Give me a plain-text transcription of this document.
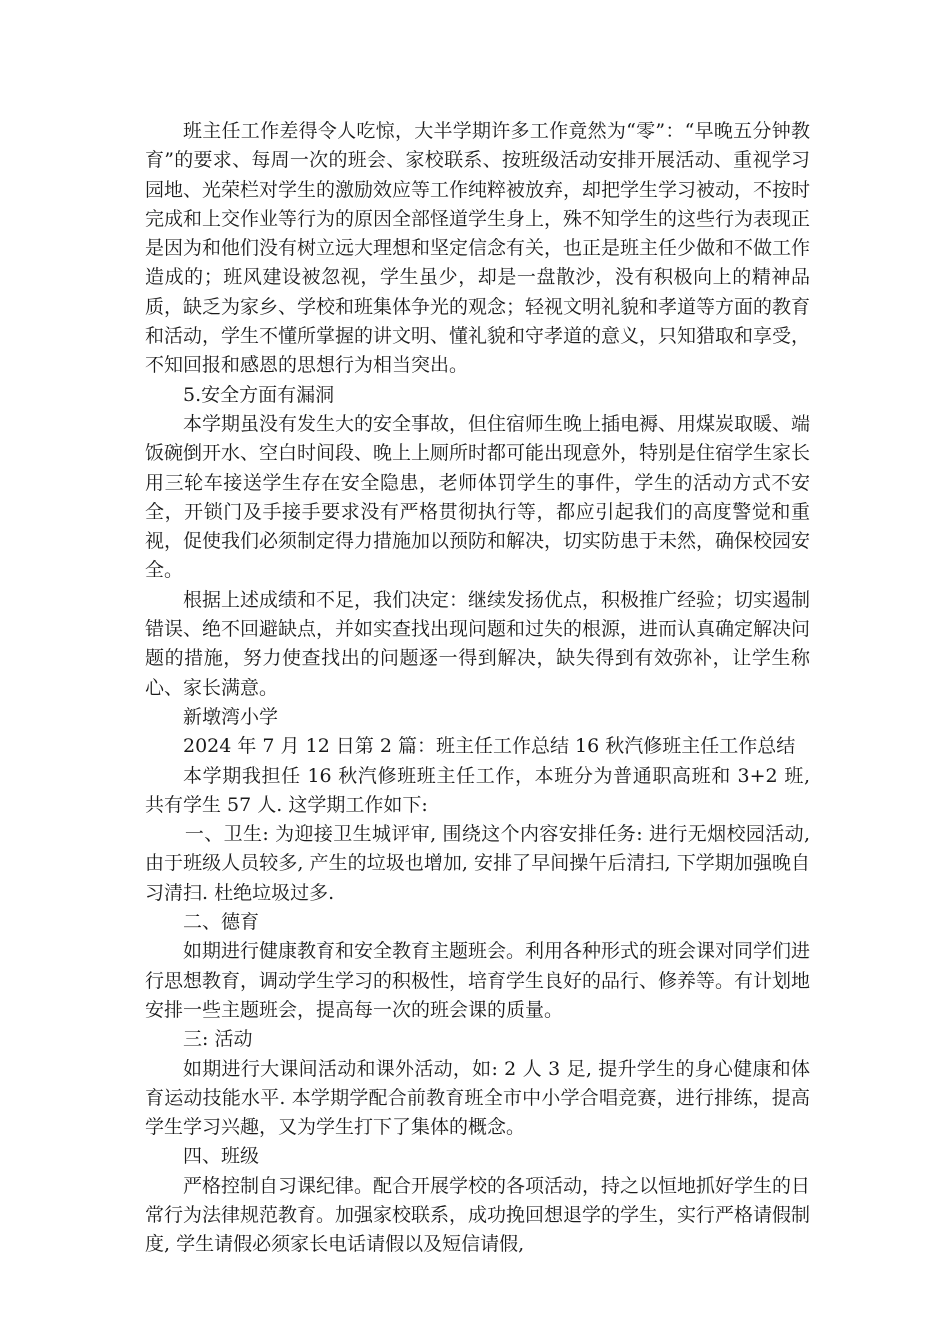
班主任工作差得令人吃惊，大半学期许多工作竟然为“零”：“早晚五分钟教育”的要求、每周一次的班会、家校联系、按班级活动安排开展活动、重视学习园地、光荣栏对学生的激励效应等工作纯粹被放弃，却把学生学习被动，不按时完成和上交作业等行为的原因全部怪道学生身上，殊不知学生的这些行为表现正是因为和他们没有树立远大理想和坚定信念有关，也正是班主任少做和不做工作造成的；班风建设被忽视，学生虽少，却是一盘散沙，没有积极向上的精神品质，缺乏为家乡、学校和班集体争光的观念；轻视文明礼貌和孝道等方面的教育和活动，学生不懂所掌握的讲文明、懂礼貌和守孝道的意义，只知猎取和享受，不知回报和感恩的思想行为相当突出。

5.安全方面有漏洞

本学期虽没有发生大的安全事故，但住宿师生晚上插电褥、用煤炭取暖、端饭碗倒开水、空白时间段、晚上上厕所时都可能出现意外，特别是住宿学生家长用三轮车接送学生存在安全隐患，老师体罚学生的事件，学生的活动方式不安全，开锁门及手接手要求没有严格贯彻执行等，都应引起我们的高度警觉和重视，促使我们必须制定得力措施加以预防和解决，切实防患于未然，确保校园安全。

根据上述成绩和不足，我们决定：继续发扬优点，积极推广经验；切实遏制错误、绝不回避缺点，并如实查找出现问题和过失的根源，进而认真确定解决问题的措施，努力使查找出的问题逐一得到解决，缺失得到有效弥补，让学生称心、家长满意。

新墩湾小学

2024 年 7 月 12 日第 2 篇：班主任工作总结 16 秋汽修班主任工作总结

本学期我担任 16 秋汽修班班主任工作，本班分为普通职高班和 3+2 班, 共有学生 57 人. 这学期工作如下:

一、卫生: 为迎接卫生城评审, 围绕这个内容安排任务: 进行无烟校园活动, 由于班级人员较多, 产生的垃圾也增加, 安排了早间操午后清扫, 下学期加强晚自习清扫. 杜绝垃圾过多.

二、德育

如期进行健康教育和安全教育主题班会。利用各种形式的班会课对同学们进行思想教育，调动学生学习的积极性，培育学生良好的品行、修养等。有计划地安排一些主题班会，提高每一次的班会课的质量。

三: 活动

如期进行大课间活动和课外活动，如: 2 人 3 足, 提升学生的身心健康和体育运动技能水平. 本学期学配合前教育班全市中小学合唱竞赛，进行排练，提高学生学习兴趣，又为学生打下了集体的概念。

四、班级

严格控制自习课纪律。配合开展学校的各项活动，持之以恒地抓好学生的日常行为法律规范教育。加强家校联系，成功挽回想退学的学生，实行严格请假制度, 学生请假必须家长电话请假以及短信请假,
